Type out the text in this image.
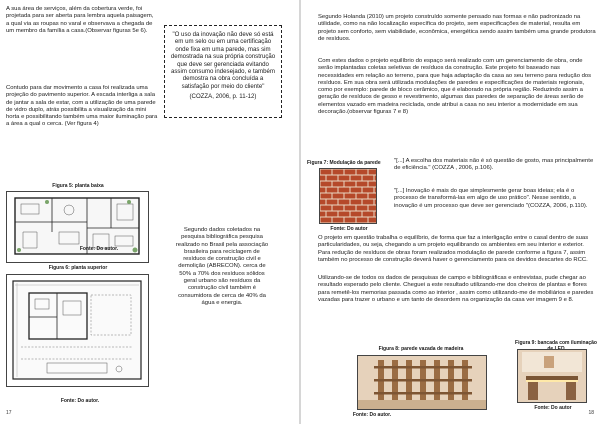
A sua área de serviços, além da cobertura verde, foi projetada para ser aberta para lembra aquela paisagem, a qual via as roupas no varal e observava a chegada de um membro da família a casa.(Observar figuras 5e 6).
Contudo para dar movimento a casa foi realizada uma projeção do pavimento superior. A escada interliga a sala de jantar a sala de estar, com a utilização de uma parede de vidro duplo, atrás possibilita a visualização da mini horta e possibilitando também uma maior iluminação para a área a qual o cerca. (Ver figura 4)
"O uso da inovação não deve só está em um selo ou em uma certificação onde fixa em uma parede, mas sim demostrada na sua própria construção que deve ser gerenciada evitando assim consumo indesejado, e também demostra na obra concluída a satisfação por meio do cliente"
(COZZA, 2006, p. 11-12)
Figura 5: planta baixa
Fonte: Do autor.
Figura 6: planta superior
Fonte: Do autor.
Segundo dados coletados na pesquisa bibliográfica pesquisa realizado no Brasil pela associação brasileira para reciclagem de resíduos de construção civil e demolição (ABRECON). cerca de 50% a 70% dos resíduos sólidos geral urbano são resíduos da construção civil também é consumidora de cerca de 40% da água e energia.
17
Segundo Holanda (2010) um projeto construído somente pensado nas formas e não padronizado na utilidade, como na não localização específica do projeto, sem especificações de material, resulta em projeto sem conforto, sem viabilidade, econômica, energética sendo assim também uma grande produtora de resíduos.
Com estes dados o projeto equilíbrio do espaço será realizado com um gerenciamento de obra, onde serão implantadas coletas seletivas de resíduos da construção. Este projeto foi baseado nas necessidades em relação ao terreno, para que haja adaptação da casa ao seu terreno para redução dos resíduos. Em sua obra será utilizada modulações de paredes e especificações de materiais regionais, como por exemplo: parede de bloco cerâmico, que é elaborado na própria região. Reduzindo assim a geração de resíduos de gesso e revestimento, algumas das paredes de separação de áreas serão de elementos vazado em madeira reciclada, onde atribui a casa no seu interior a modernidade em sua decoração.(observar figuras 7 e 8)
Figura 7: Modulação da parede
Fonte: Do autor
"[...] A escolha dos materiais não é só questão de gosto, mas principalmente de eficiência." (COZZA , 2006, p.106).
"[...] Inovação é mais do que simplesmente gerar boas ideias; ela é o processo de transformá-las em algo de uso prático". Nesse sentido, a inovação é um processo que deve ser gerenciado "(COZZA, 2006, p.110).
O projeto em questão trabalha o equilíbrio, de forma que faz a interligação entre o casal dentro de suas particularidades, ou seja, chegando a um projeto equilibrando os ambientes em seu interior e exterior. Para redução de resíduos de obras foram realizados modulação de parede conforme a figura 7, assim também no processo de construção deverá haver o gerenciamento para os devidos descartes do RCC.
Utilizando-se de todos os dados de pesquisas de campo e bibliográficas e entrevistas, pude chegar ao resultado esperado pelo cliente. Cheguei a este resultado utilizando-me dos cheiros de plantas e flores para remetê-los memorias passada como ao interior , assim como utilizando-me de mobiliários e paredes vazadas para trazer o urbano e um tanto de desordem na organização da casa ver imagem 9 e 8.
Figura 8: parede vazada de madeira
Fonte: Do autor.
Figura 9: bancada com iluminação
Fonte: Do autor
18
